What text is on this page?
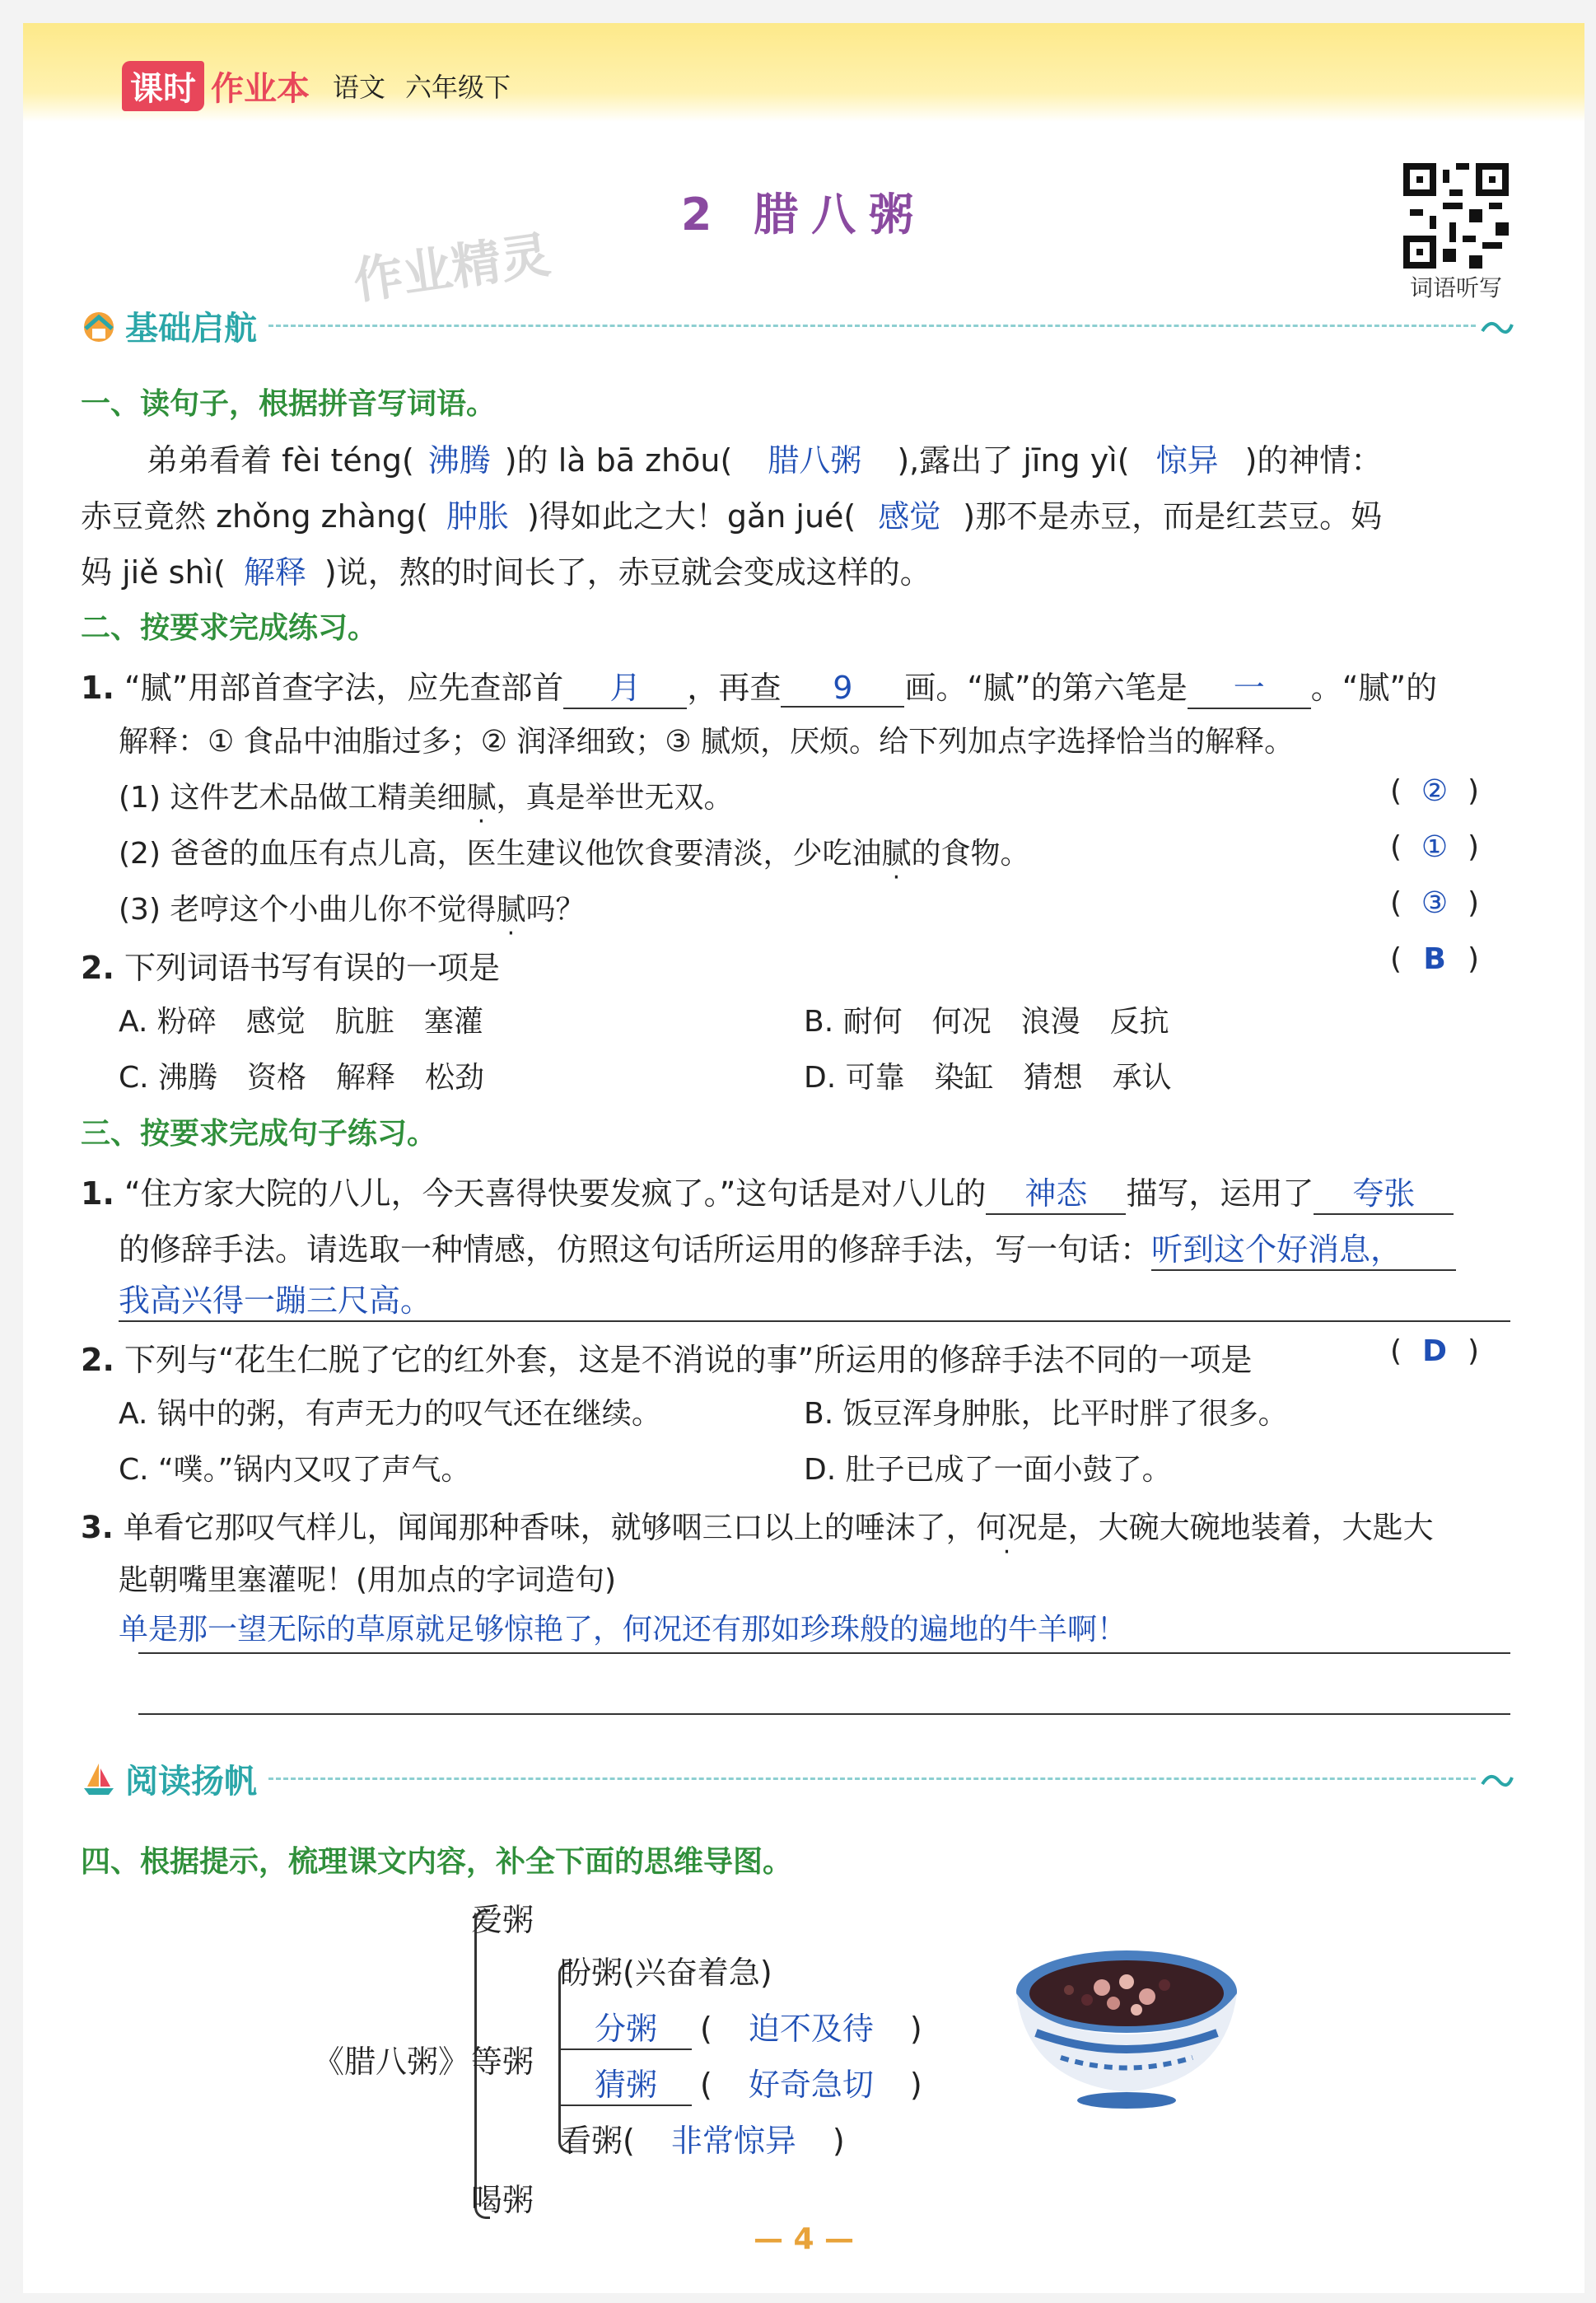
课时 作业本 语文 六年级下
2 腊八粥
作业精灵	词语听写
基础启航
一、读句子，根据拼音写词语。
弟弟看着 fèi téng( 沸腾 )的 là bā zhōu( 腊八粥 ),露出了 jīng yì( 惊异 )的神情：
赤豆竟然 zhǒng zhàng( 肿胀 )得如此之大！gǎn jué( 感觉 )那不是赤豆，而是红芸豆。妈
妈 jiě shì( 解释 )说，熬的时间长了，赤豆就会变成这样的。
二、按要求完成练习。
1. “腻”用部首查字法，应先查部首 月 ，再查 9 画。“腻”的第六笔是 一 。“腻”的
解释：① 食品中油脂过多；② 润泽细致；③ 腻烦，厌烦。给下列加点字选择恰当的解释。
(1) 这件艺术品做工精美细腻，真是举世无双。	( ② )
(2) 爸爸的血压有点儿高，医生建议他饮食要清淡，少吃油腻的食物。	( ① )
(3) 老哼这个小曲儿你不觉得腻吗？	( ③ )
2. 下列词语书写有误的一项是	( B )
A. 粉碎　感觉　肮脏　塞灌	B. 耐何　何况　浪漫　反抗
C. 沸腾　资格　解释　松劲	D. 可靠　染缸　猜想　承认
三、按要求完成句子练习。
1. “住方家大院的八儿，今天喜得快要发疯了。”这句话是对八儿的 神态 描写，运用了 夸张
的修辞手法。请选取一种情感，仿照这句话所运用的修辞手法，写一句话：听到这个好消息，
我高兴得一蹦三尺高。
2. 下列与“花生仁脱了它的红外套，这是不消说的事”所运用的修辞手法不同的一项是	( D )
A. 锅中的粥，有声无力的叹气还在继续。	B. 饭豆浑身肿胀，比平时胖了很多。
C. “噗。”锅内又叹了声气。	D. 肚子已成了一面小鼓了。
3. 单看它那叹气样儿，闻闻那种香味，就够咽三口以上的唾沫了，何况是，大碗大碗地装着，大匙大
匙朝嘴里塞灌呢！(用加点的字词造句)
单是那一望无际的草原就足够惊艳了，何况还有那如珍珠般的遍地的牛羊啊！
阅读扬帆
四、根据提示，梳理课文内容，补全下面的思维导图。
《腊八粥》
爱粥
等粥
喝粥
盼粥(兴奋着急)
分粥 ( 迫不及待 )
猜粥 ( 好奇急切 )
看粥( 非常惊异 )
— 4 —
